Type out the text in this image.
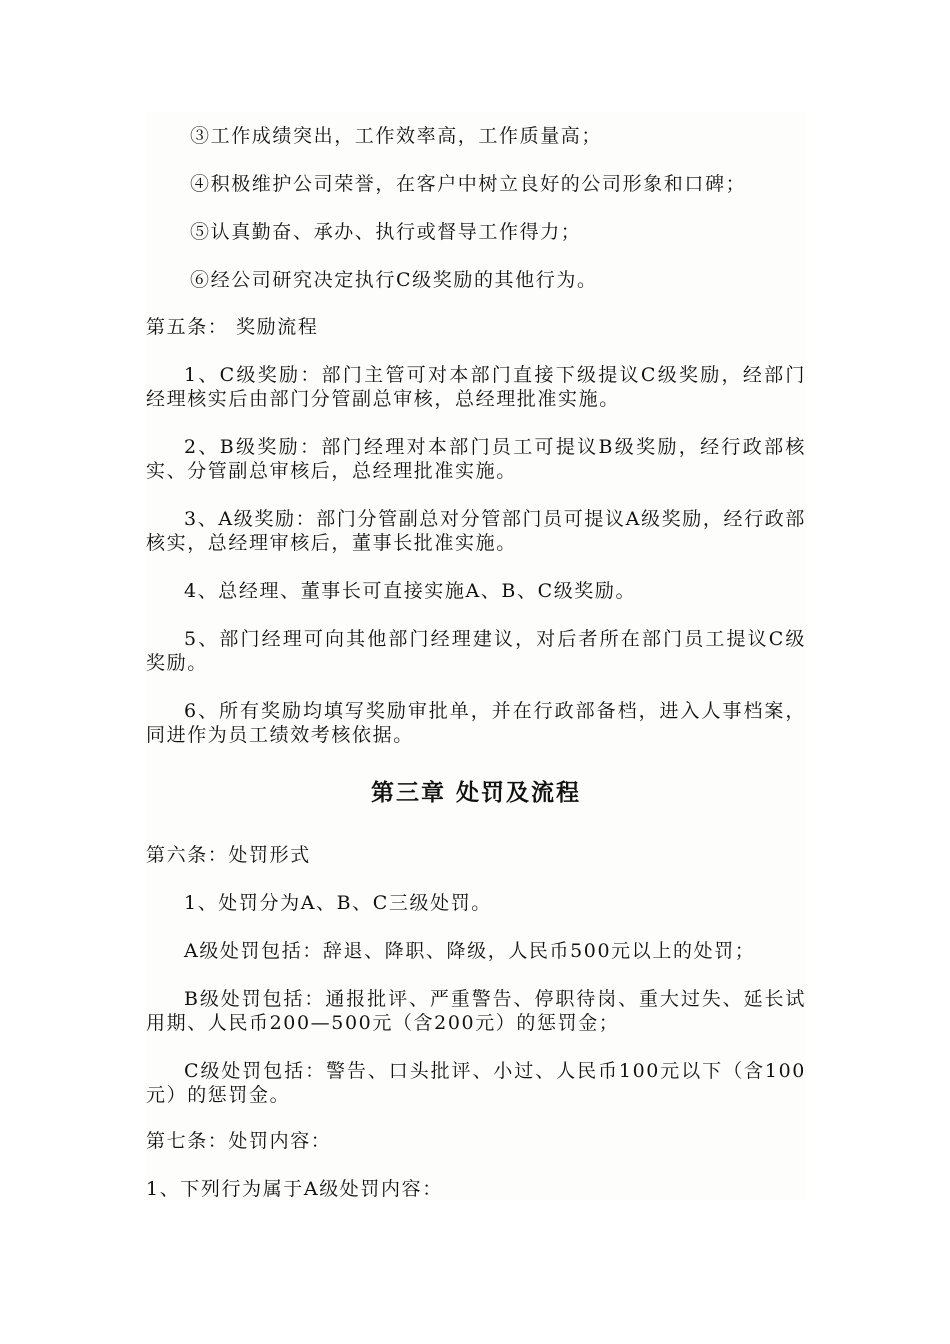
③工作成绩突出，工作效率高，工作质量高；

④积极维护公司荣誉，在客户中树立良好的公司形象和口碑；

⑤认真勤奋、承办、执行或督导工作得力；

⑥经公司研究决定执行C级奖励的其他行为。

第五条： 奖励流程

1、C级奖励：部门主管可对本部门直接下级提议C级奖励，经部门经理核实后由部门分管副总审核，总经理批准实施。

2、B级奖励：部门经理对本部门员工可提议B级奖励，经行政部核实、分管副总审核后，总经理批准实施。

3、A级奖励：部门分管副总对分管部门员可提议A级奖励，经行政部核实，总经理审核后，董事长批准实施。

4、总经理、董事长可直接实施A、B、C级奖励。

5、部门经理可向其他部门经理建议，对后者所在部门员工提议C级奖励。

6、所有奖励均填写奖励审批单，并在行政部备档，进入人事档案，同进作为员工绩效考核依据。

第三章 处罚及流程

第六条：处罚形式

1、处罚分为A、B、C三级处罚。

A级处罚包括：辞退、降职、降级，人民币500元以上的处罚；

B级处罚包括：通报批评、严重警告、停职待岗、重大过失、延长试用期、人民币200—500元（含200元）的惩罚金；

C级处罚包括：警告、口头批评、小过、人民币100元以下（含100元）的惩罚金。

第七条：处罚内容：

1、下列行为属于A级处罚内容：
